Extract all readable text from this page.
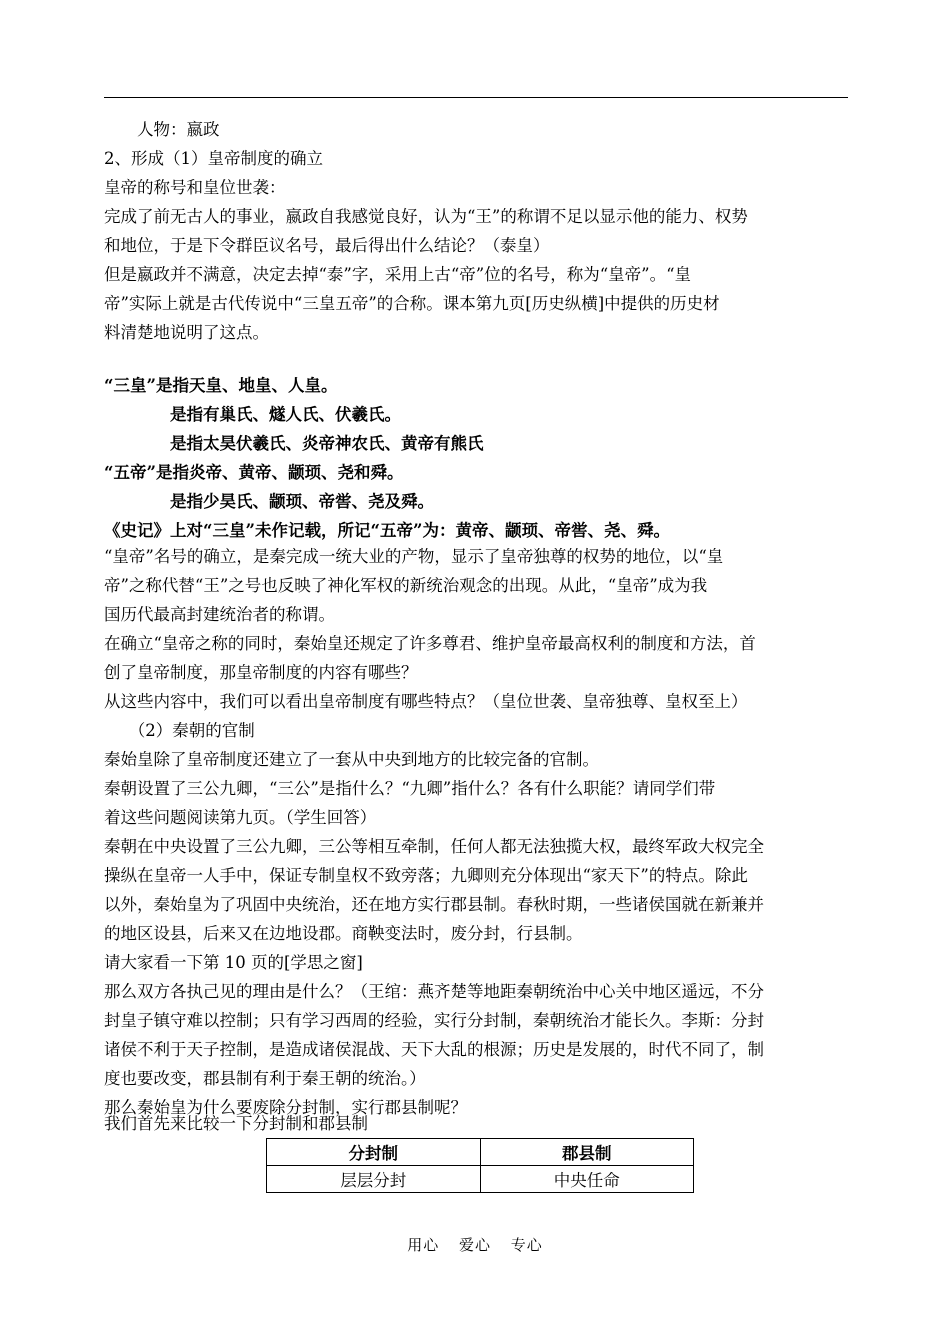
　　人物：嬴政
2、形成（1）皇帝制度的确立
皇帝的称号和皇位世袭：
完成了前无古人的事业，嬴政自我感觉良好，认为“王”的称谓不足以显示他的能力、权势
和地位，于是下令群臣议名号，最后得出什么结论？（泰皇）
但是嬴政并不满意，决定去掉“泰”字，采用上古“帝”位的名号，称为“皇帝”。“皇
帝”实际上就是古代传说中“三皇五帝”的合称。课本第九页[历史纵横]中提供的历史材
料清楚地说明了这点。
“三皇”是指天皇、地皇、人皇。
　　　　是指有巢氏、燧人氏、伏羲氏。
　　　　是指太昊伏羲氏、炎帝神农氏、黄帝有熊氏
“五帝”是指炎帝、黄帝、颛顼、尧和舜。
　　　　是指少昊氏、颛顼、帝喾、尧及舜。
《史记》上对“三皇”未作记载，所记“五帝”为：黄帝、颛顼、帝喾、尧、舜。
“皇帝”名号的确立，是秦完成一统大业的产物，显示了皇帝独尊的权势的地位，以“皇
帝”之称代替“王”之号也反映了神化军权的新统治观念的出现。从此，“皇帝”成为我
国历代最高封建统治者的称谓。
在确立“皇帝之称的同时，秦始皇还规定了许多尊君、维护皇帝最高权利的制度和方法，首
创了皇帝制度，那皇帝制度的内容有哪些？
从这些内容中，我们可以看出皇帝制度有哪些特点？（皇位世袭、皇帝独尊、皇权至上）
　　（2）秦朝的官制
秦始皇除了皇帝制度还建立了一套从中央到地方的比较完备的官制。
秦朝设置了三公九卿，“三公”是指什么？“九卿”指什么？各有什么职能？请同学们带
着这些问题阅读第九页。（学生回答）
秦朝在中央设置了三公九卿，三公等相互牵制，任何人都无法独揽大权，最终军政大权完全
操纵在皇帝一人手中，保证专制皇权不致旁落；九卿则充分体现出“家天下”的特点。除此
以外，秦始皇为了巩固中央统治，还在地方实行郡县制。春秋时期，一些诸侯国就在新兼并
的地区设县，后来又在边地设郡。商鞅变法时，废分封，行县制。
请大家看一下第 10 页的[学思之窗]
那么双方各执己见的理由是什么？（王绾：燕齐楚等地距秦朝统治中心关中地区遥远，不分
封皇子镇守难以控制；只有学习西周的经验，实行分封制，秦朝统治才能长久。李斯：分封
诸侯不利于天子控制，是造成诸侯混战、天下大乱的根源；历史是发展的，时代不同了，制
度也要改变，郡县制有利于秦王朝的统治。）
那么秦始皇为什么要废除分封制，实行郡县制呢？
我们首先来比较一下分封制和郡县制
分封制	郡县制
层层分封	中央任命
用心 爱心 专心
